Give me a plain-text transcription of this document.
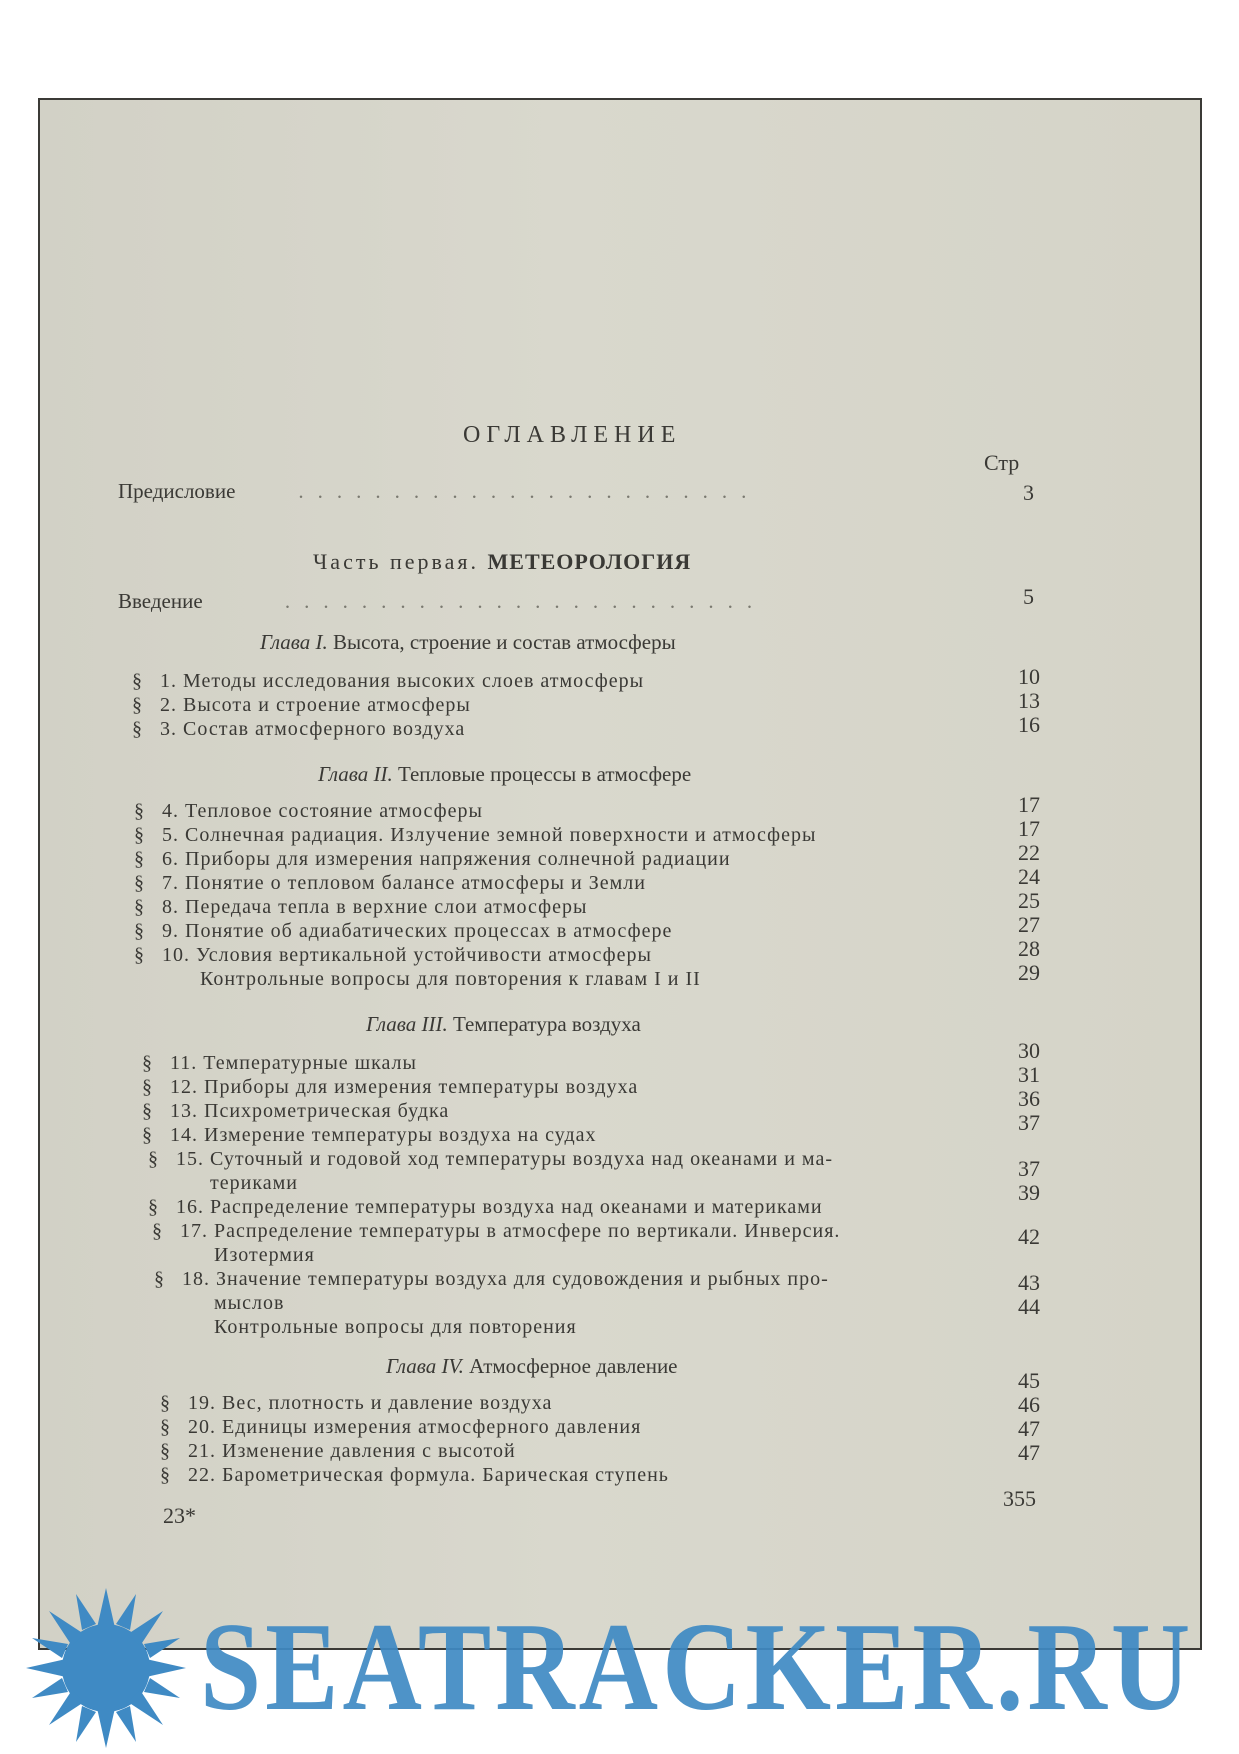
ОГЛАВЛЕНИЕ
Стр
Предисловие    ........................	3
Часть первая. МЕТЕОРОЛОГИЯ
Введение     .........................	5
Глава I. Высота, строение и состав атмосферы
Глава II. Тепловые процессы в атмосфере
Глава III. Температура воздуха
Глава IV. Атмосферное давление
§ 1. Методы исследования высоких слоев атмосферы
§ 2. Высота и строение атмосферы
§ 3. Состав атмосферного воздуха
10
13
16
§ 4. Тепловое состояние атмосферы
§ 5. Солнечная радиация. Излучение земной поверхности и атмосферы
§ 6. Приборы для измерения напряжения солнечной радиации
§ 7. Понятие о тепловом балансе атмосферы и Земли
§ 8. Передача тепла в верхние слои атмосферы
§ 9. Понятие об адиабатических процессах в атмосфере
§ 10. Условия вертикальной устойчивости атмосферы
Контрольные вопросы для повторения к главам I и II
17
17
22
24
25
27
28
29
§ 11. Температурные шкалы
§ 12. Приборы для измерения температуры воздуха
§ 13. Психрометрическая будка
§ 14. Измерение температуры воздуха на судах
§ 15. Суточный и годовой ход температуры воздуха над океанами и ма-
териками
§ 16. Распределение температуры воздуха над океанами и материками
§ 17. Распределение температуры в атмосфере по вертикали. Инверсия.
Изотермия
§ 18. Значение температуры воздуха для судовождения и рыбных про-
мыслов
Контрольные вопросы для повторения
30
31
36
37
37
39
42
43
44
§ 19. Вес, плотность и давление воздуха
§ 20. Единицы измерения атмосферного давления
§ 21. Изменение давления с высотой
§ 22. Барометрическая формула. Барическая ступень
45
46
47
47
23*
355
SEATRACKER.RU
